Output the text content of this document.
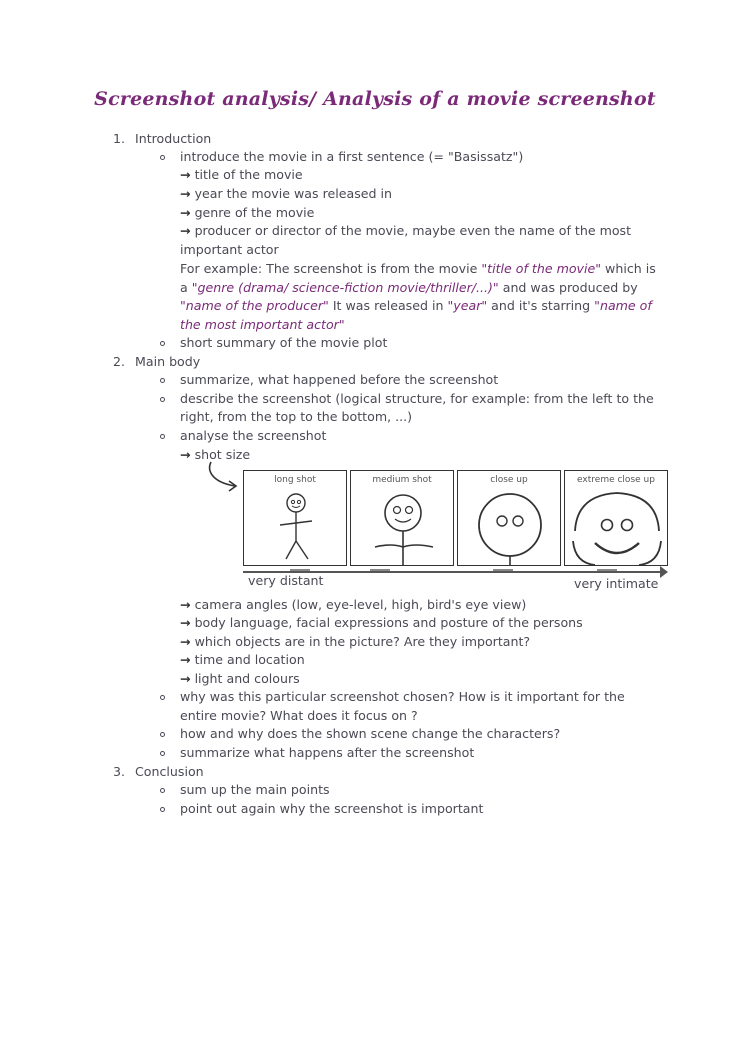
Screenshot analysis/ Analysis of a movie screenshot
1. Introduction
introduce the movie in a first sentence (= "Basissatz")
→ title of the movie
→ year the movie was released in
→ genre of the movie
→ producer or director of the movie, maybe even the name of the most
important actor
For example: The screenshot is from the movie "title of the movie" which is
a "genre (drama/ science-fiction movie/thriller/...)" and was produced by
"name of the producer" It was released in "year" and it's starring "name of
the most important actor"
short summary of the movie plot
2. Main body
summarize, what happened before the screenshot
describe the screenshot (logical structure, for example: from the left to the
right, from the top to the bottom, ...)
analyse the screenshot
→ shot size
long shot	medium shot	close up	extreme close up
very distant	very intimate
→ camera angles (low, eye-level, high, bird's eye view)
→ body language, facial expressions and posture of the persons
→ which objects are in the picture? Are they important?
→ time and location
→ light and colours
why was this particular screenshot chosen? How is it important for the
entire movie? What does it focus on ?
how and why does the shown scene change the characters?
summarize what happens after the screenshot
3. Conclusion
sum up the main points
point out again why the screenshot is important
